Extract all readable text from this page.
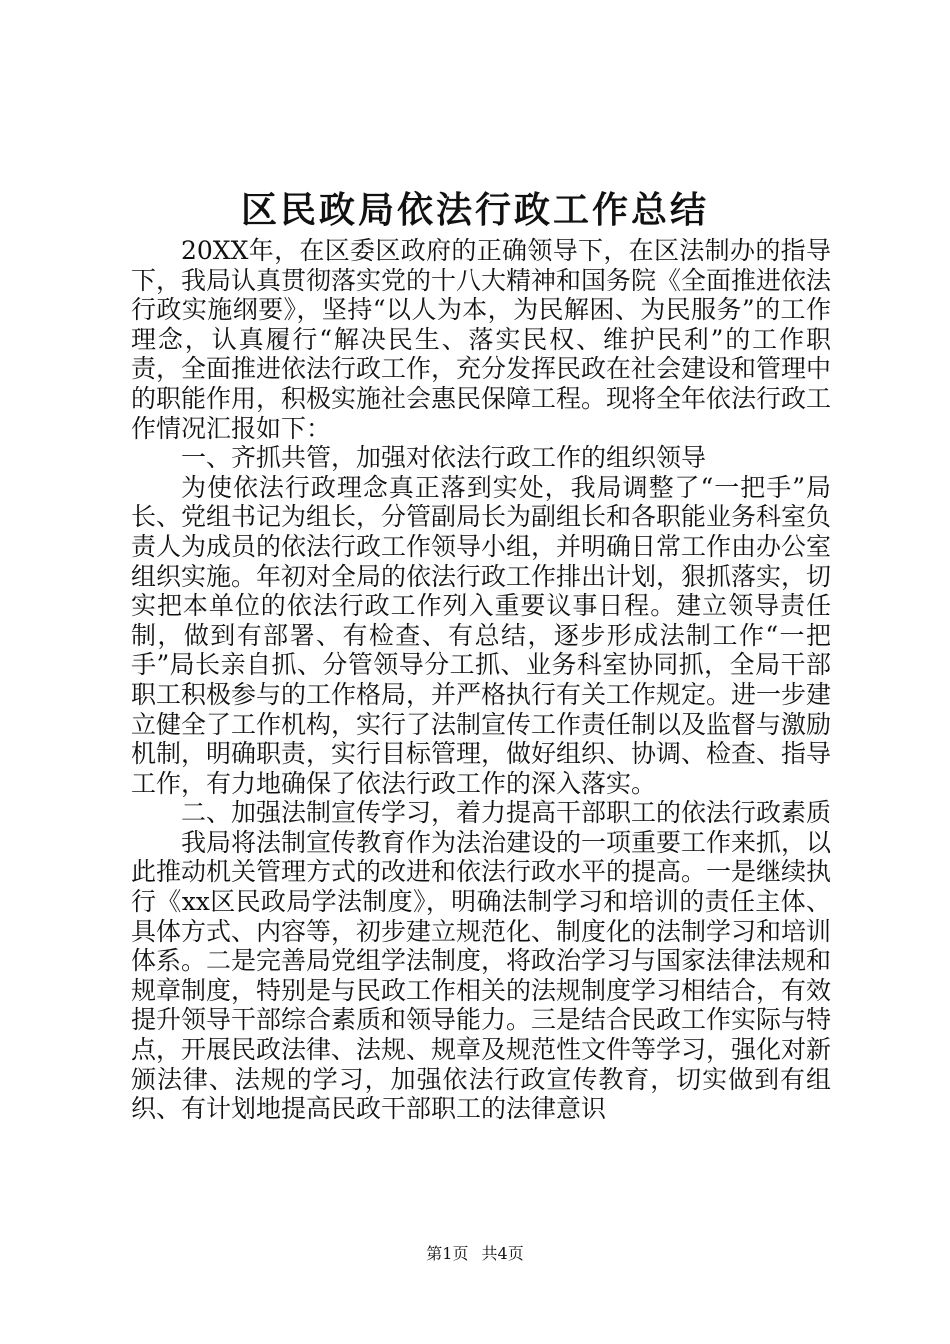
区民政局依法行政工作总结

20XX年，在区委区政府的正确领导下，在区法制办的指导下，我局认真贯彻落实党的十八大精神和国务院《全面推进依法行政实施纲要》，坚持“以人为本，为民解困、为民服务”的工作理念，认真履行“解决民生、落实民权、维护民利”的工作职责，全面推进依法行政工作，充分发挥民政在社会建设和管理中的职能作用，积极实施社会惠民保障工程。现将全年依法行政工作情况汇报如下：

一、齐抓共管，加强对依法行政工作的组织领导

为使依法行政理念真正落到实处，我局调整了“一把手”局长、党组书记为组长，分管副局长为副组长和各职能业务科室负责人为成员的依法行政工作领导小组，并明确日常工作由办公室组织实施。年初对全局的依法行政工作排出计划，狠抓落实，切实把本单位的依法行政工作列入重要议事日程。建立领导责任制，做到有部署、有检查、有总结，逐步形成法制工作“一把手”局长亲自抓、分管领导分工抓、业务科室协同抓，全局干部职工积极参与的工作格局，并严格执行有关工作规定。进一步建立健全了工作机构，实行了法制宣传工作责任制以及监督与激励机制，明确职责，实行目标管理，做好组织、协调、检查、指导工作，有力地确保了依法行政工作的深入落实。

二、加强法制宣传学习，着力提高干部职工的依法行政素质

我局将法制宣传教育作为法治建设的一项重要工作来抓，以此推动机关管理方式的改进和依法行政水平的提高。一是继续执行《xx区民政局学法制度》，明确法制学习和培训的责任主体、具体方式、内容等，初步建立规范化、制度化的法制学习和培训体系。二是完善局党组学法制度，将政治学习与国家法律法规和规章制度，特别是与民政工作相关的法规制度学习相结合，有效提升领导干部综合素质和领导能力。三是结合民政工作实际与特点，开展民政法律、法规、规章及规范性文件等学习，强化对新颁法律、法规的学习，加强依法行政宣传教育，切实做到有组织、有计划地提高民政干部职工的法律意识

第1页 共4页
